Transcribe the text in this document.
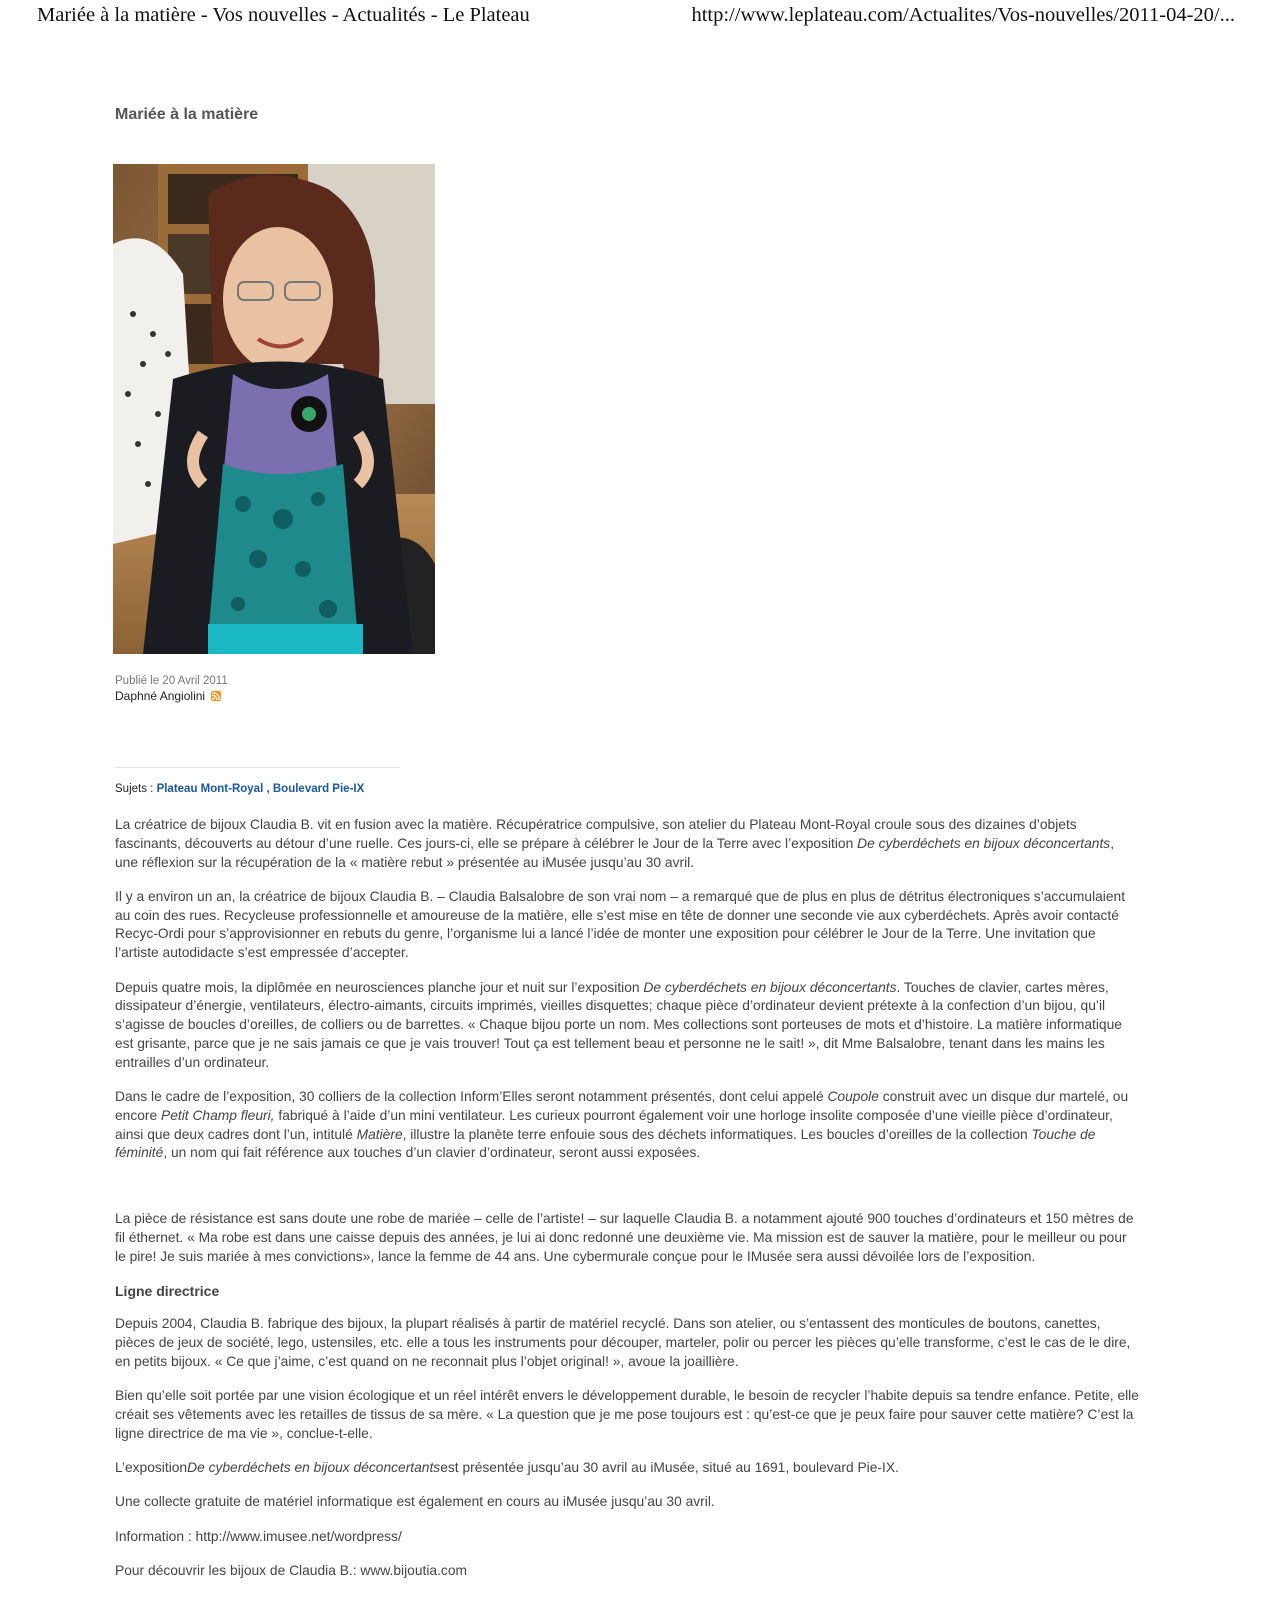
Mariée à la matière - Vos nouvelles - Actualités - Le Plateau	http://www.leplateau.com/Actualites/Vos-nouvelles/2011-04-20/...
Mariée à la matière
Publié le 20 Avril 2011
Daphné Angiolini
Sujets : Plateau Mont-Royal , Boulevard Pie-IX

La créatrice de bijoux Claudia B. vit en fusion avec la matière. Récupératrice compulsive, son atelier du Plateau Mont-Royal croule sous des dizaines d’objets fascinants, découverts au détour d’une ruelle. Ces jours-ci, elle se prépare à célébrer le Jour de la Terre avec l’exposition De cyberdéchets en bijoux déconcertants, une réflexion sur la récupération de la « matière rebut » présentée au iMusée jusqu’au 30 avril.

Il y a environ un an, la créatrice de bijoux Claudia B. – Claudia Balsalobre de son vrai nom – a remarqué que de plus en plus de détritus électroniques s’accumulaient au coin des rues. Recycleuse professionnelle et amoureuse de la matière, elle s’est mise en tête de donner une seconde vie aux cyberdéchets. Après avoir contacté Recyc-Ordi pour s’approvisionner en rebuts du genre, l’organisme lui a lancé l’idée de monter une exposition pour célébrer le Jour de la Terre. Une invitation que l’artiste autodidacte s’est empressée d’accepter.

Depuis quatre mois, la diplômée en neurosciences planche jour et nuit sur l’exposition De cyberdéchets en bijoux déconcertants. Touches de clavier, cartes mères, dissipateur d’énergie, ventilateurs, électro-aimants, circuits imprimés, vieilles disquettes; chaque pièce d’ordinateur devient prétexte à la confection d’un bijou, qu’il s’agisse de boucles d’oreilles, de colliers ou de barrettes. « Chaque bijou porte un nom. Mes collections sont porteuses de mots et d’histoire. La matière informatique est grisante, parce que je ne sais jamais ce que je vais trouver! Tout ça est tellement beau et personne ne le sait! », dit Mme Balsalobre, tenant dans les mains les entrailles d’un ordinateur.

Dans le cadre de l’exposition, 30 colliers de la collection Inform’Elles seront notamment présentés, dont celui appelé Coupole construit avec un disque dur martelé, ou encore Petit Champ fleuri, fabriqué à l’aide d’un mini ventilateur. Les curieux pourront également voir une horloge insolite composée d’une vieille pièce d’ordinateur, ainsi que deux cadres dont l’un, intitulé Matière, illustre la planète terre enfouie sous des déchets informatiques. Les boucles d’oreilles de la collection Touche de féminité, un nom qui fait référence aux touches d’un clavier d’ordinateur, seront aussi exposées.

La pièce de résistance est sans doute une robe de mariée – celle de l’artiste! – sur laquelle Claudia B. a notamment ajouté 900 touches d’ordinateurs et 150 mètres de fil éthernet. « Ma robe est dans une caisse depuis des années, je lui ai donc redonné une deuxième vie. Ma mission est de sauver la matière, pour le meilleur ou pour le pire! Je suis mariée à mes convictions», lance la femme de 44 ans. Une cybermurale conçue pour le IMusée sera aussi dévoilée lors de l’exposition.

Ligne directrice

Depuis 2004, Claudia B. fabrique des bijoux, la plupart réalisés à partir de matériel recyclé. Dans son atelier, ou s’entassent des monticules de boutons, canettes, pièces de jeux de société, lego, ustensiles, etc. elle a tous les instruments pour découper, marteler, polir ou percer les pièces qu’elle transforme, c’est le cas de le dire, en petits bijoux. « Ce que j’aime, c’est quand on ne reconnait plus l’objet original! », avoue la joaillière.

Bien qu’elle soit portée par une vision écologique et un réel intérêt envers le développement durable, le besoin de recycler l’habite depuis sa tendre enfance. Petite, elle créait ses vêtements avec les retailles de tissus de sa mère. « La question que je me pose toujours est : qu’est-ce que je peux faire pour sauver cette matière? C’est la ligne directrice de ma vie », conclue-t-elle.

L’expositionDe cyberdéchets en bijoux déconcertantsest présentée jusqu’au 30 avril au iMusée, situé au 1691, boulevard Pie-IX.

Une collecte gratuite de matériel informatique est également en cours au iMusée jusqu’au 30 avril.

Information : http://www.imusee.net/wordpress/

Pour découvrir les bijoux de Claudia B.: www.bijoutia.com
